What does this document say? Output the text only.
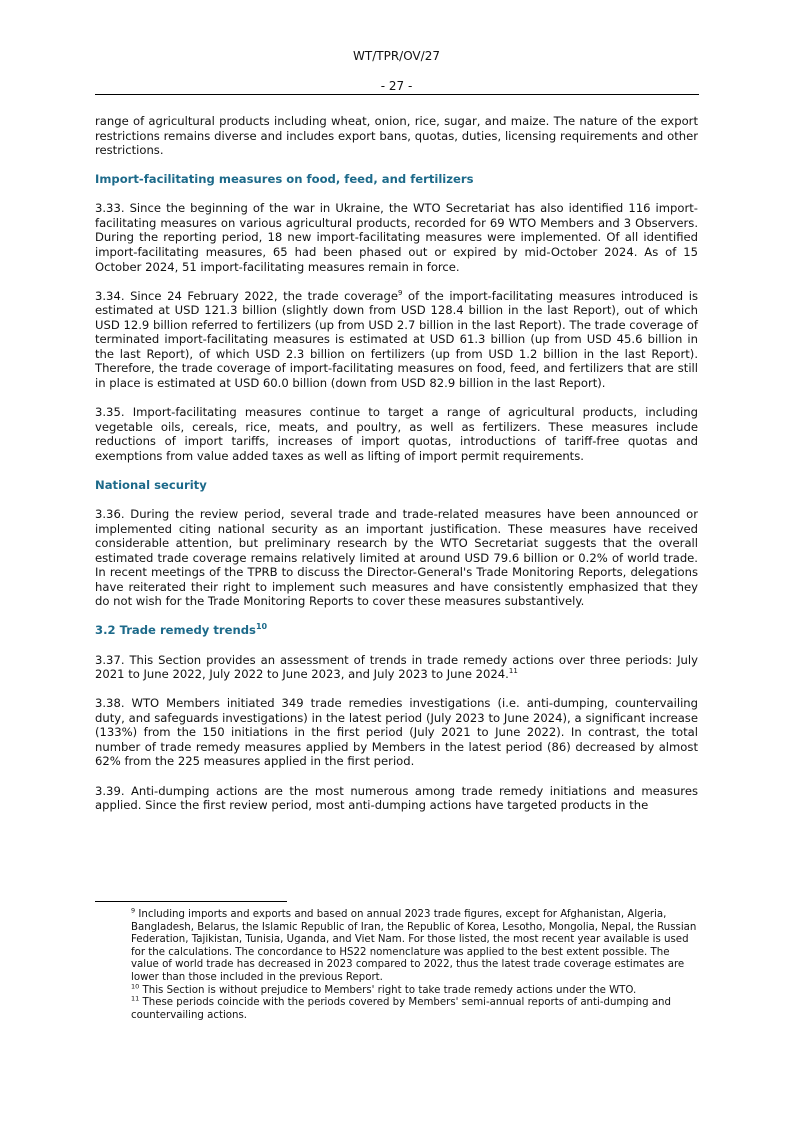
WT/TPR/OV/27
- 27 -

range of agricultural products including wheat, onion, rice, sugar, and maize. The nature of the export restrictions remains diverse and includes export bans, quotas, duties, licensing requirements and other restrictions.

Import-facilitating measures on food, feed, and fertilizers

3.33. Since the beginning of the war in Ukraine, the WTO Secretariat has also identified 116 import-facilitating measures on various agricultural products, recorded for 69 WTO Members and 3 Observers. During the reporting period, 18 new import-facilitating measures were implemented. Of all identified import-facilitating measures, 65 had been phased out or expired by mid-October 2024. As of 15 October 2024, 51 import-facilitating measures remain in force.

3.34. Since 24 February 2022, the trade coverage$^9$ of the import-facilitating measures introduced is estimated at USD 121.3 billion (slightly down from USD 128.4 billion in the last Report), out of which USD 12.9 billion referred to fertilizers (up from USD 2.7 billion in the last Report). The trade coverage of terminated import-facilitating measures is estimated at USD 61.3 billion (up from USD 45.6 billion in the last Report), of which USD 2.3 billion on fertilizers (up from USD 1.2 billion in the last Report). Therefore, the trade coverage of import-facilitating measures on food, feed, and fertilizers that are still in place is estimated at USD 60.0 billion (down from USD 82.9 billion in the last Report).

3.35. Import-facilitating measures continue to target a range of agricultural products, including vegetable oils, cereals, rice, meats, and poultry, as well as fertilizers. These measures include reductions of import tariffs, increases of import quotas, introductions of tariff-free quotas and exemptions from value added taxes as well as lifting of import permit requirements.

National security

3.36. During the review period, several trade and trade-related measures have been announced or implemented citing national security as an important justification. These measures have received considerable attention, but preliminary research by the WTO Secretariat suggests that the overall estimated trade coverage remains relatively limited at around USD 79.6 billion or 0.2% of world trade. In recent meetings of the TPRB to discuss the Director-General's Trade Monitoring Reports, delegations have reiterated their right to implement such measures and have consistently emphasized that they do not wish for the Trade Monitoring Reports to cover these measures substantively.

3.2 Trade remedy trends$^{10}$

3.37. This Section provides an assessment of trends in trade remedy actions over three periods: July 2021 to June 2022, July 2022 to June 2023, and July 2023 to June 2024.11

3.38. WTO Members initiated 349 trade remedies investigations (i.e. anti-dumping, countervailing duty, and safeguards investigations) in the latest period (July 2023 to June 2024), a significant increase (133%) from the 150 initiations in the first period (July 2021 to June 2022). In contrast, the total number of trade remedy measures applied by Members in the latest period (86) decreased by almost 62% from the 225 measures applied in the first period.

3.39. Anti-dumping actions are the most numerous among trade remedy initiations and measures applied. Since the first review period, most anti-dumping actions have targeted products in the

$^9$ Including imports and exports and based on annual 2023 trade figures, except for Afghanistan, Algeria, Bangladesh, Belarus, the Islamic Republic of Iran, the Republic of Korea, Lesotho, Mongolia, Nepal, the Russian Federation, Tajikistan, Tunisia, Uganda, and Viet Nam. For those listed, the most recent year available is used for the calculations. The concordance to HS22 nomenclature was applied to the best extent possible. The value of world trade has decreased in 2023 compared to 2022, thus the latest trade coverage estimates are lower than those included in the previous Report.

$^{10}$ This Section is without prejudice to Members' right to take trade remedy actions under the WTO.

$^{11}$ These periods coincide with the periods covered by Members' semi-annual reports of anti-dumping and countervailing actions.
